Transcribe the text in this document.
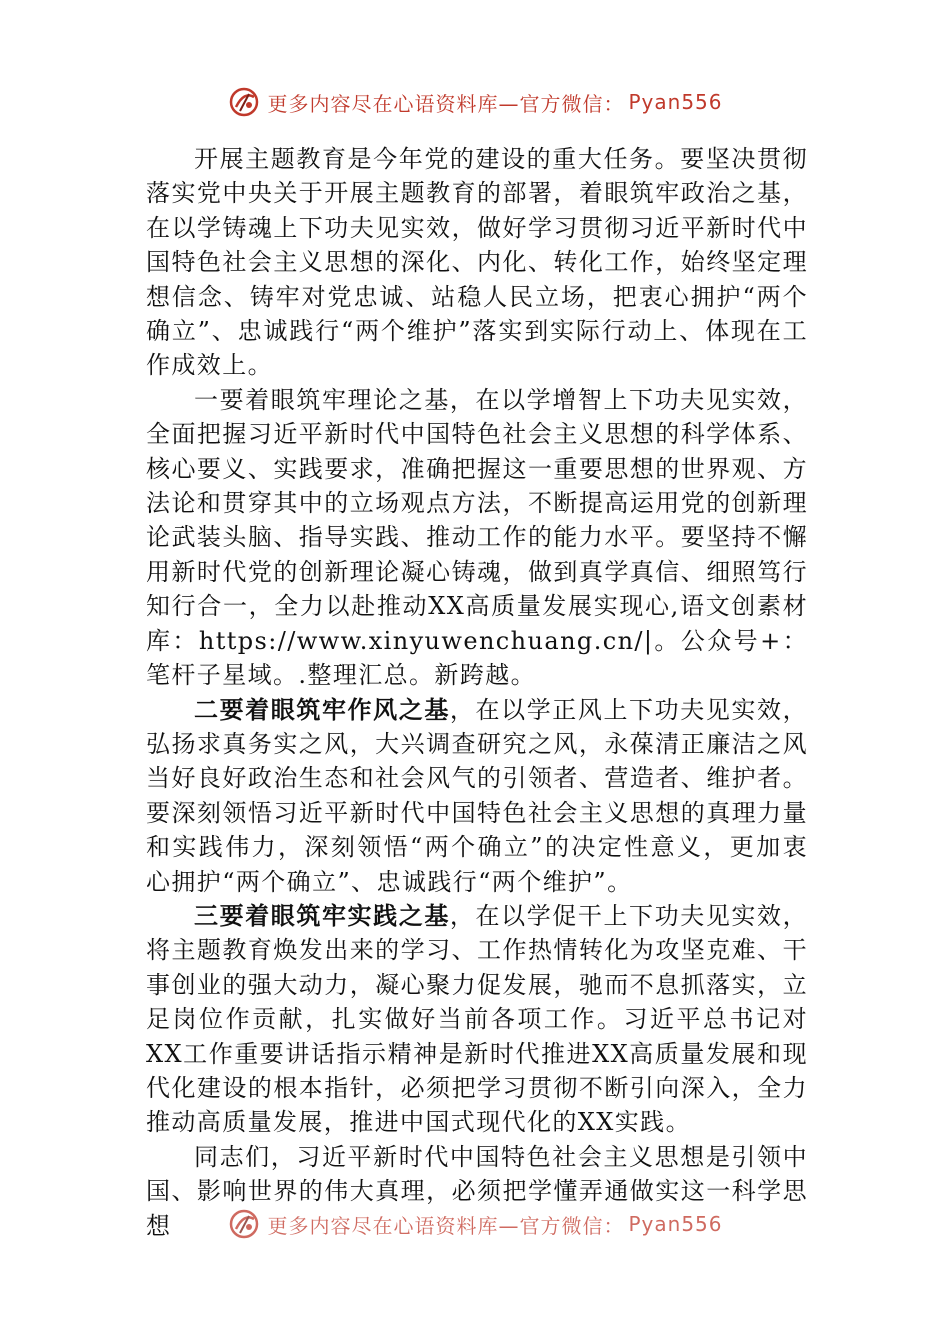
更多内容尽在心语资料库—官方微信： Pyan556

开展主题教育是今年党的建设的重大任务。要坚决贯彻落实党中央关于开展主题教育的部署，着眼筑牢政治之基，在以学铸魂上下功夫见实效，做好学习贯彻习近平新时代中国特色社会主义思想的深化、内化、转化工作，始终坚定理想信念、铸牢对党忠诚、站稳人民立场，把衷心拥护“两个确立”、忠诚践行“两个维护”落实到实际行动上、体现在工作成效上。

一要着眼筑牢理论之基，在以学增智上下功夫见实效，全面把握习近平新时代中国特色社会主义思想的科学体系、核心要义、实践要求，准确把握这一重要思想的世界观、方法论和贯穿其中的立场观点方法，不断提高运用党的创新理论武装头脑、指导实践、推动工作的能力水平。要坚持不懈用新时代党的创新理论凝心铸魂，做到真学真信、细照笃行知行合一，全力以赴推动XX高质量发展实现心,语文创素材库：https://www.xinyuwenchuang.cn/|。公众号+：笔杆子星域。.整理汇总。新跨越。

二要着眼筑牢作风之基，在以学正风上下功夫见实效，弘扬求真务实之风，大兴调查研究之风，永葆清正廉洁之风当好良好政治生态和社会风气的引领者、营造者、维护者。要深刻领悟习近平新时代中国特色社会主义思想的真理力量和实践伟力，深刻领悟“两个确立”的决定性意义，更加衷心拥护“两个确立”、忠诚践行“两个维护”。

三要着眼筑牢实践之基，在以学促干上下功夫见实效，将主题教育焕发出来的学习、工作热情转化为攻坚克难、干事创业的强大动力，凝心聚力促发展，驰而不息抓落实，立足岗位作贡献，扎实做好当前各项工作。习近平总书记对XX工作重要讲话指示精神是新时代推进XX高质量发展和现代化建设的根本指针，必须把学习贯彻不断引向深入，全力推动高质量发展，推进中国式现代化的XX实践。

同志们，习近平新时代中国特色社会主义思想是引领中国、影响世界的伟大真理，必须把学懂弄通做实这一科学思想	更多内容尽在心语资料库—官方微信： Pyan556
